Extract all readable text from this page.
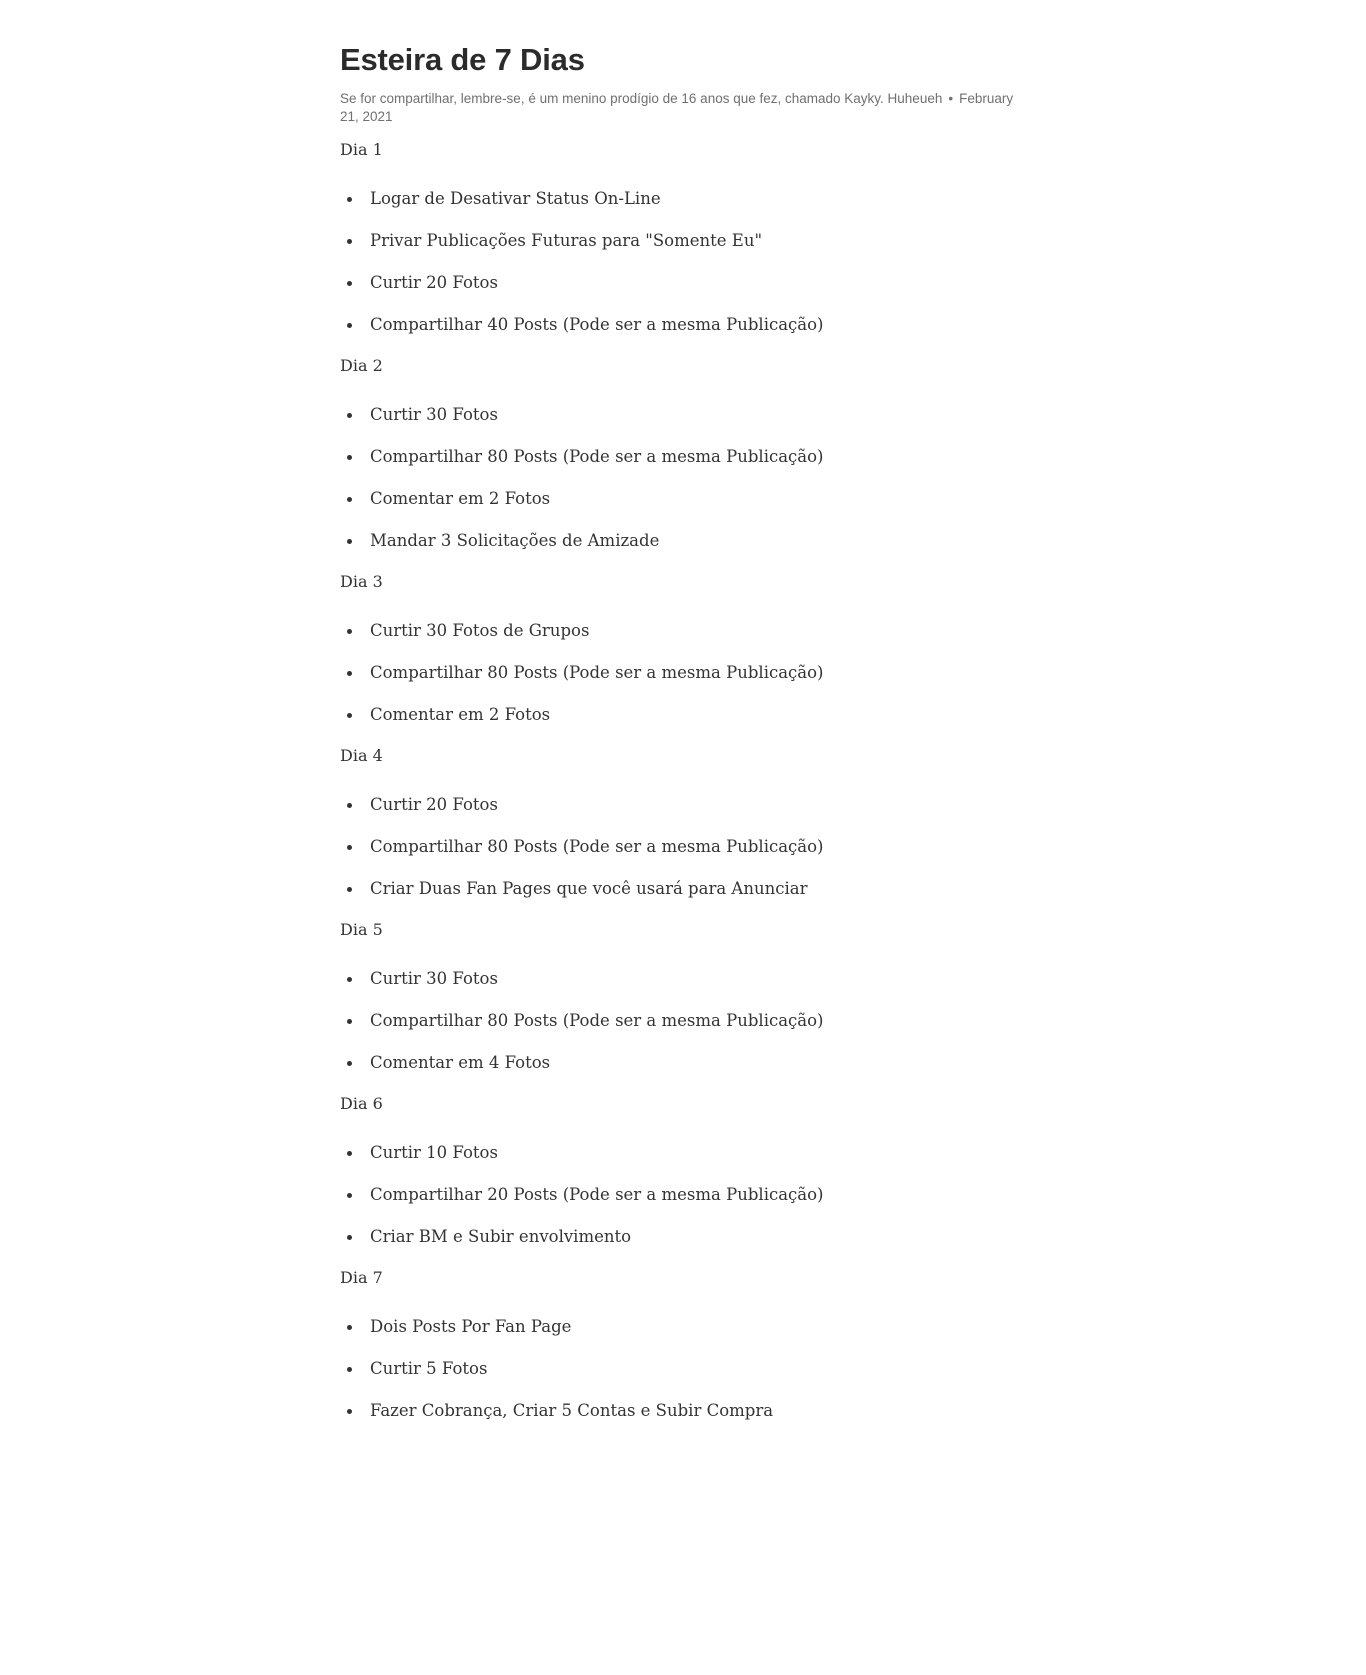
Esteira de 7 Dias
Se for compartilhar, lembre-se, é um menino prodígio de 16 anos que fez, chamado Kayky. Huheueh • February 21, 2021

Dia 1

Logar de Desativar Status On-Line
Privar Publicações Futuras para "Somente Eu"
Curtir 20 Fotos
Compartilhar 40 Posts (Pode ser a mesma Publicação)

Dia 2

Curtir 30 Fotos
Compartilhar 80 Posts (Pode ser a mesma Publicação)
Comentar em 2 Fotos
Mandar 3 Solicitações de Amizade

Dia 3

Curtir 30 Fotos de Grupos
Compartilhar 80 Posts (Pode ser a mesma Publicação)
Comentar em 2 Fotos

Dia 4

Curtir 20 Fotos
Compartilhar 80 Posts (Pode ser a mesma Publicação)
Criar Duas Fan Pages que você usará para Anunciar

Dia 5

Curtir 30 Fotos
Compartilhar 80 Posts (Pode ser a mesma Publicação)
Comentar em 4 Fotos

Dia 6

Curtir 10 Fotos
Compartilhar 20 Posts (Pode ser a mesma Publicação)
Criar BM e Subir envolvimento

Dia 7

Dois Posts Por Fan Page
Curtir 5 Fotos
Fazer Cobrança, Criar 5 Contas e Subir Compra
